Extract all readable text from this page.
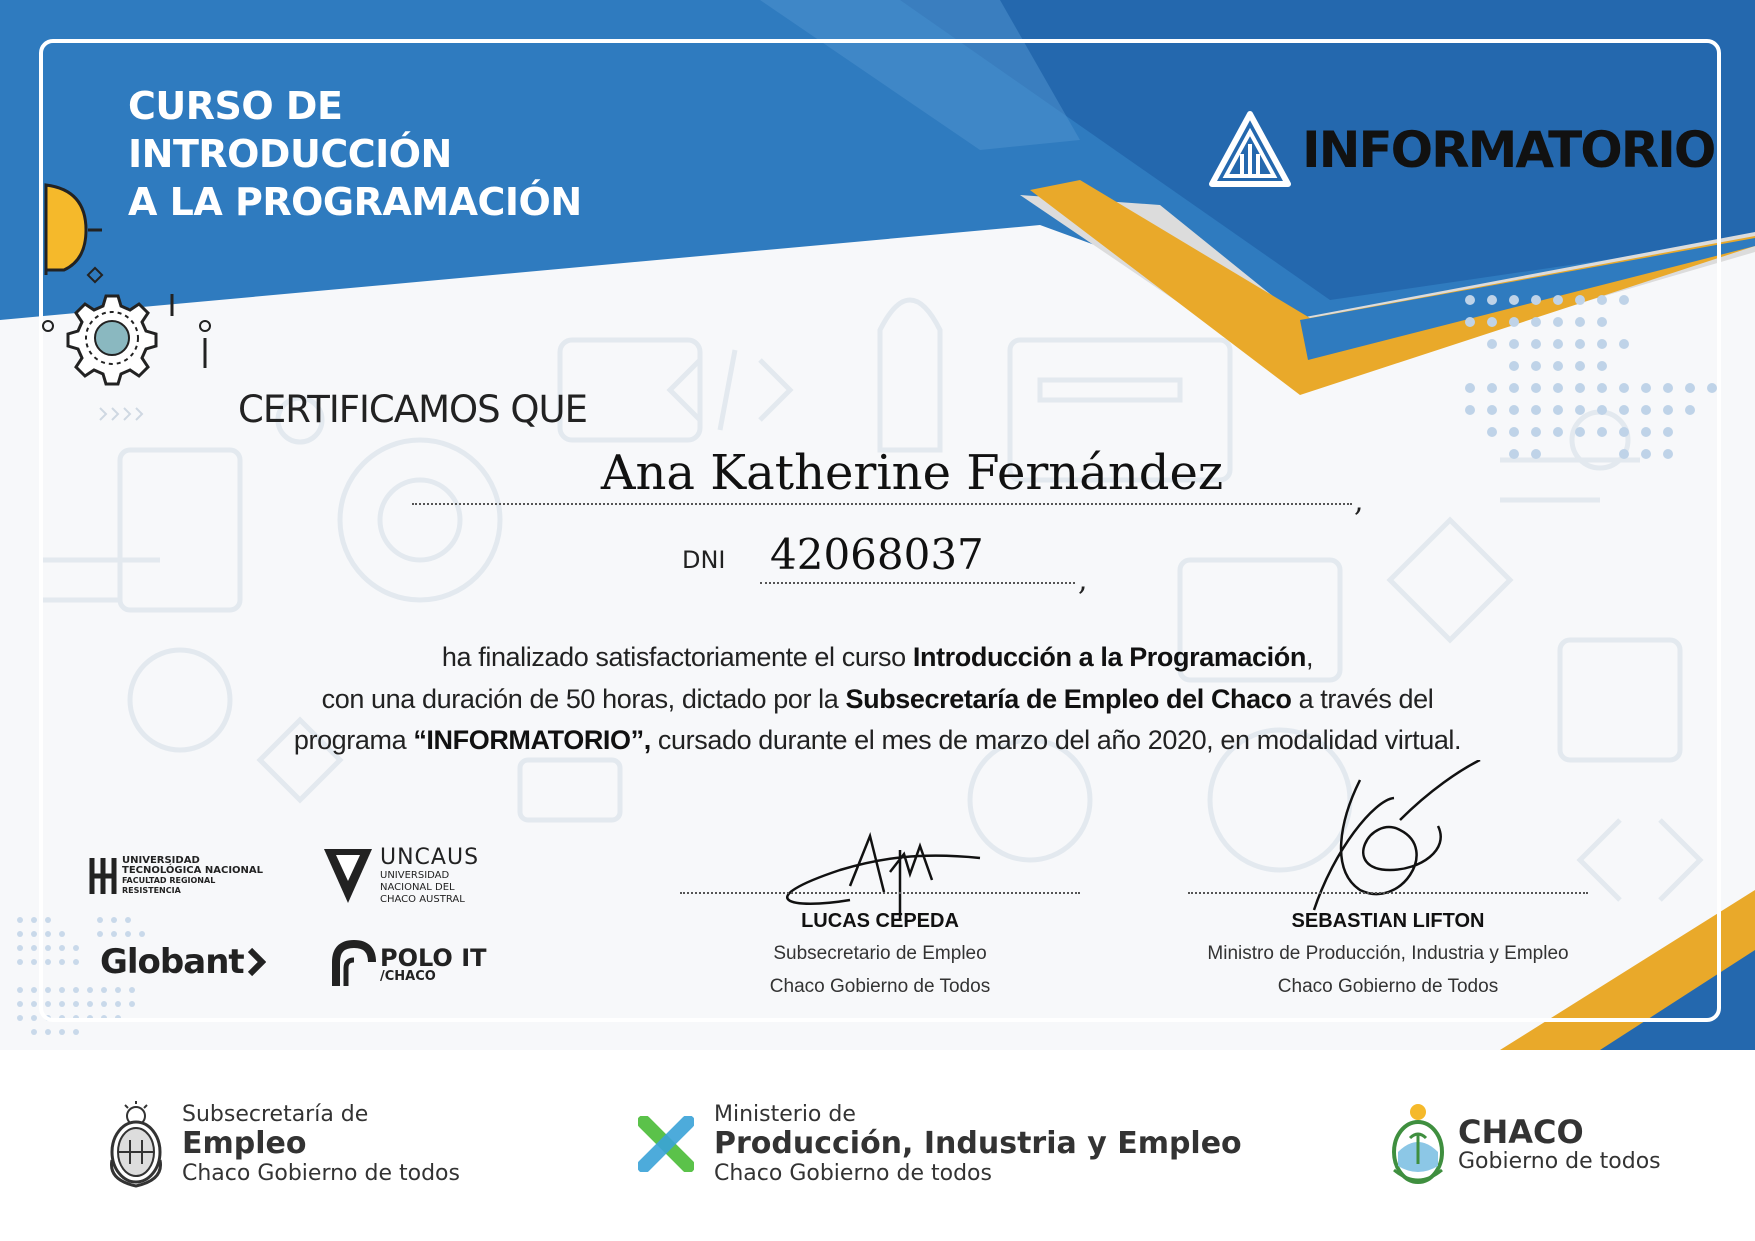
CURSO DE
INTRODUCCIÓN
A LA PROGRAMACIÓN
INFORMATORIO
CERTIFICAMOS QUE
Ana Katherine Fernández
,
DNI 42068037
,
ha finalizado satisfactoriamente el curso Introducción a la Programación,
con una duración de 50 horas, dictado por la Subsecretaría de Empleo del Chaco a través del
programa “INFORMATORIO”, cursado durante el mes de marzo del año 2020, en modalidad virtual.
UNIVERSIDAD
TECNOLÓGICA NACIONAL
FACULTAD REGIONAL
RESISTENCIA
UNCAUS
UNIVERSIDAD
NACIONAL DEL
CHACO AUSTRAL
Globant	POLO IT
/CHACO
LUCAS CEPEDA
Subsecretario de Empleo
Chaco Gobierno de Todos
SEBASTIAN LIFTON
Ministro de Producción, Industria y Empleo
Chaco Gobierno de Todos
Subsecretaría de
Empleo
Chaco Gobierno de todos
Ministerio de
Producción, Industria y Empleo
Chaco Gobierno de todos
CHACO
Gobierno de todos
